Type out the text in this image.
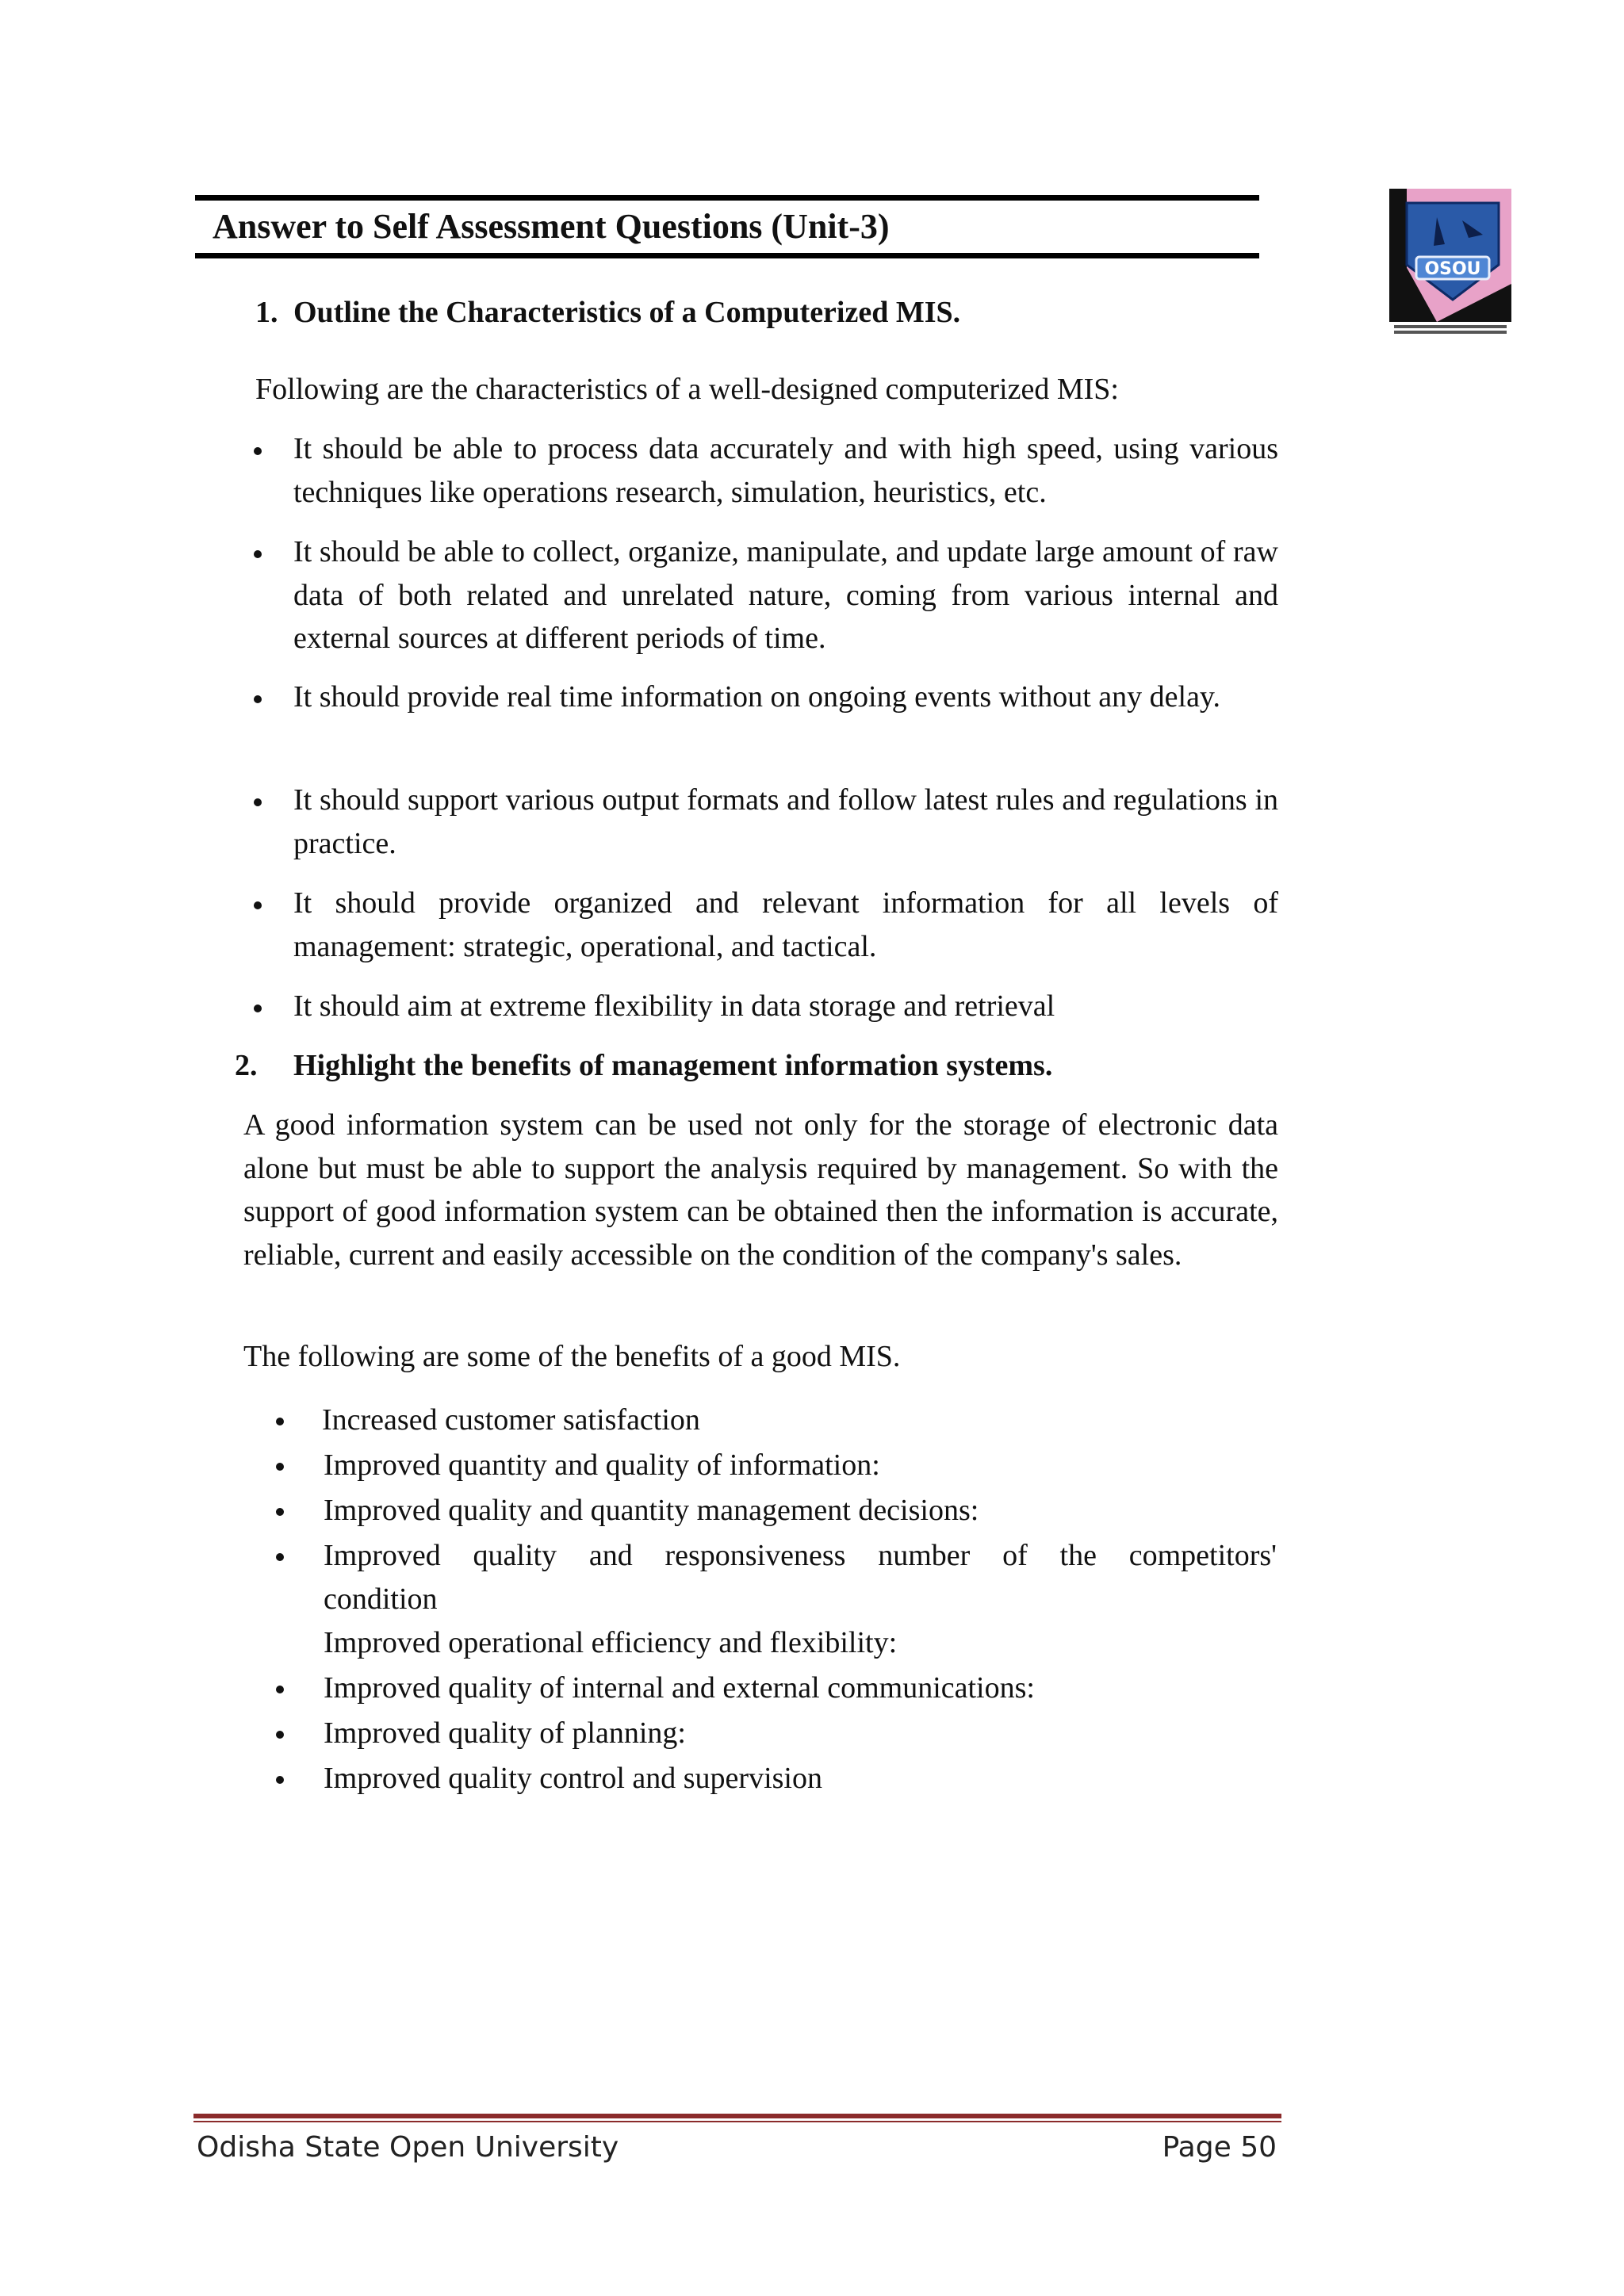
Answer to Self Assessment Questions (Unit-3)
OSOU
1. Outline the Characteristics of a Computerized MIS.
Following are the characteristics of a well-designed computerized MIS:
It should be able to process data accurately and with high speed, using various techniques like operations research, simulation, heuristics, etc.
It should be able to collect, organize, manipulate, and update large amount of raw data of both related and unrelated nature, coming from various internal and external sources at different periods of time.
It should provide real time information on ongoing events without any delay.
It should support various output formats and follow latest rules and regulations in practice.
It should provide organized and relevant information for all levels of management: strategic, operational, and tactical.
It should aim at extreme flexibility in data storage and retrieval
2. Highlight the benefits of management information systems.
A good information system can be used not only for the storage of electronic data alone but must be able to support the analysis required by management. So with the support of good information system can be obtained then the information is accurate, reliable, current and easily accessible on the condition of the company's sales.
The following are some of the benefits of a good MIS.
Increased customer satisfaction
Improved quantity and quality of information:
Improved quality and quantity management decisions:
Improved quality and responsiveness number of the competitors'
condition
Improved operational efficiency and flexibility:
Improved quality of internal and external communications:
Improved quality of planning:
Improved quality control and supervision
Odisha State Open University	Page 50
